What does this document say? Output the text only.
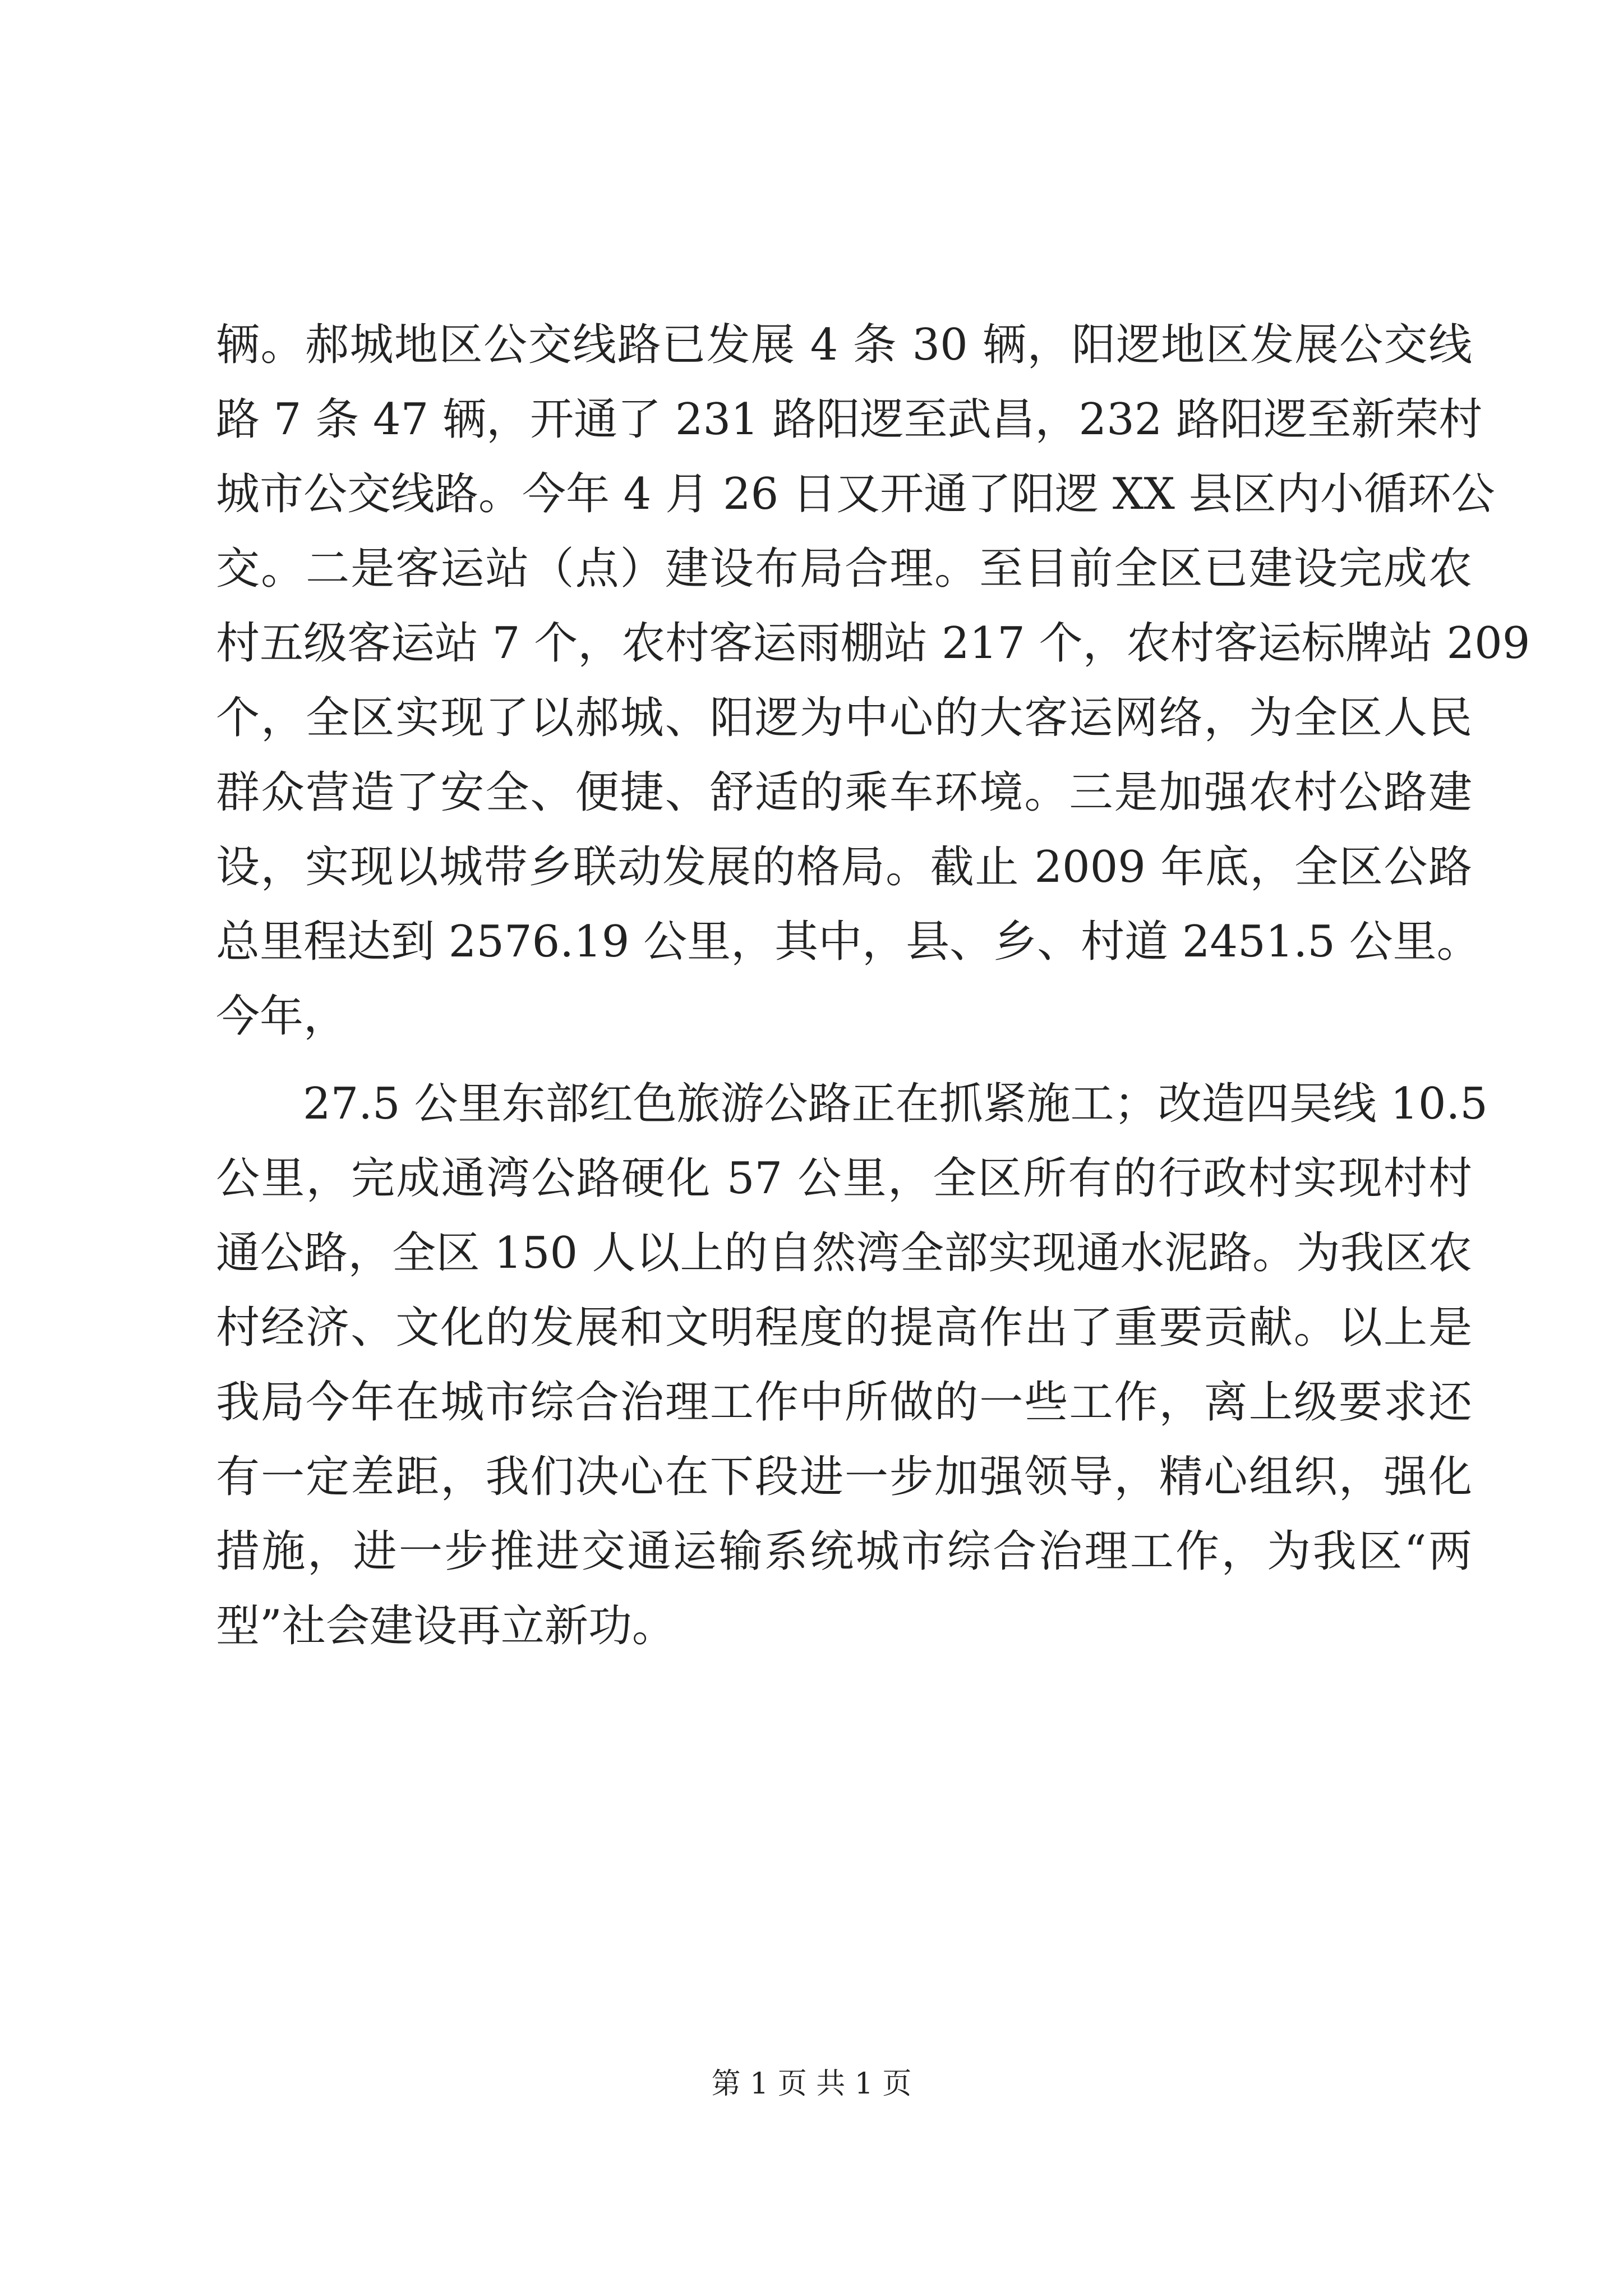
辆。郝城地区公交线路已发展 4 条 30 辆，阳逻地区发展公交线
路 7 条 47 辆，开通了 231 路阳逻至武昌，232 路阳逻至新荣村
城市公交线路。今年 4 月 26 日又开通了阳逻 XX 县区内小循环公
交。二是客运站（点）建设布局合理。至目前全区已建设完成农
村五级客运站 7 个，农村客运雨棚站 217 个，农村客运标牌站 209
个，全区实现了以郝城、阳逻为中心的大客运网络，为全区人民
群众营造了安全、便捷、舒适的乘车环境。三是加强农村公路建
设，实现以城带乡联动发展的格局。截止 2009 年底，全区公路
总里程达到 2576.19 公里，其中，县、乡、村道 2451.5 公里。
今年，
27.5 公里东部红色旅游公路正在抓紧施工；改造四吴线 10.5
公里，完成通湾公路硬化 57 公里，全区所有的行政村实现村村
通公路，全区 150 人以上的自然湾全部实现通水泥路。为我区农
村经济、文化的发展和文明程度的提高作出了重要贡献。以上是
我局今年在城市综合治理工作中所做的一些工作，离上级要求还
有一定差距，我们决心在下段进一步加强领导，精心组织，强化
措施，进一步推进交通运输系统城市综合治理工作，为我区“两
型”社会建设再立新功。
第 1 页 共 1 页
